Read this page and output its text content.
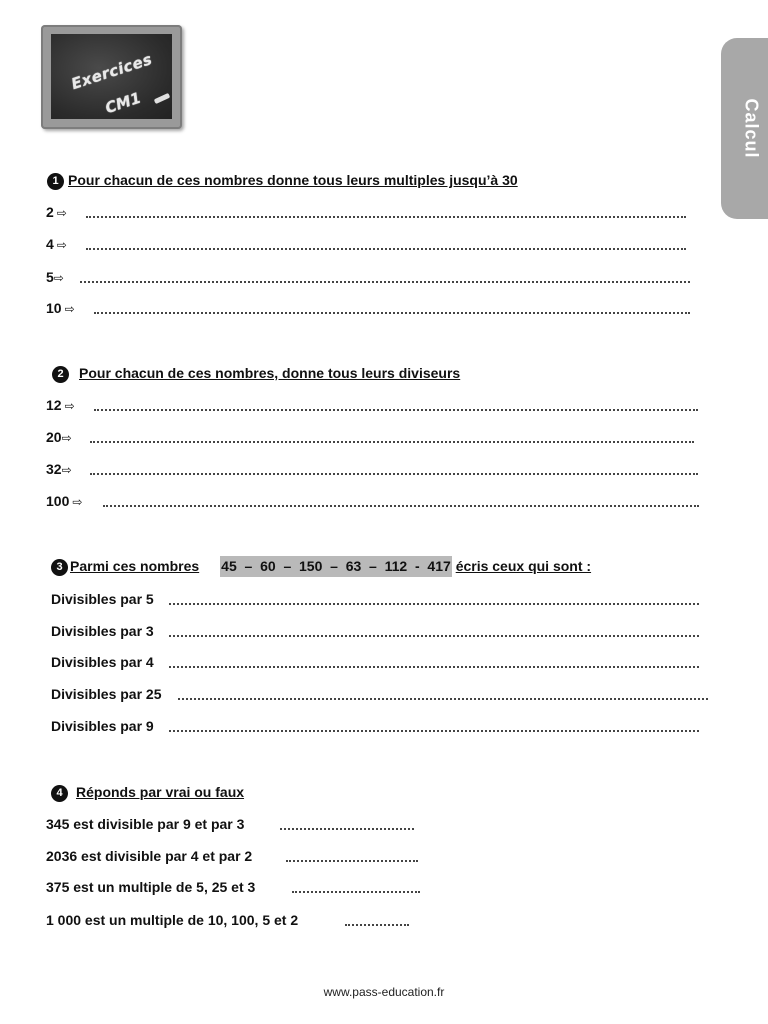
Exercices
CM1	Calcul
1 Pour chacun de ces nombres donne tous leurs multiples jusqu’à 30
2 ⇨
4 ⇨
5⇨
10 ⇨
2 Pour chacun de ces nombres, donne tous leurs diviseurs
12 ⇨
20⇨
32⇨
100 ⇨
3 Parmi ces nombres 45  –  60  –  150  –  63  –  112  -  417 écris ceux qui sont :
Divisibles par 5
Divisibles par 3
Divisibles par 4
Divisibles par 25
Divisibles par 9
4 Réponds par vrai ou faux
345 est divisible par 9 et par 3
2036 est divisible par 4 et par 2
375 est un multiple de 5, 25 et 3
1 000 est un multiple de 10, 100, 5 et 2
www.pass-education.fr
